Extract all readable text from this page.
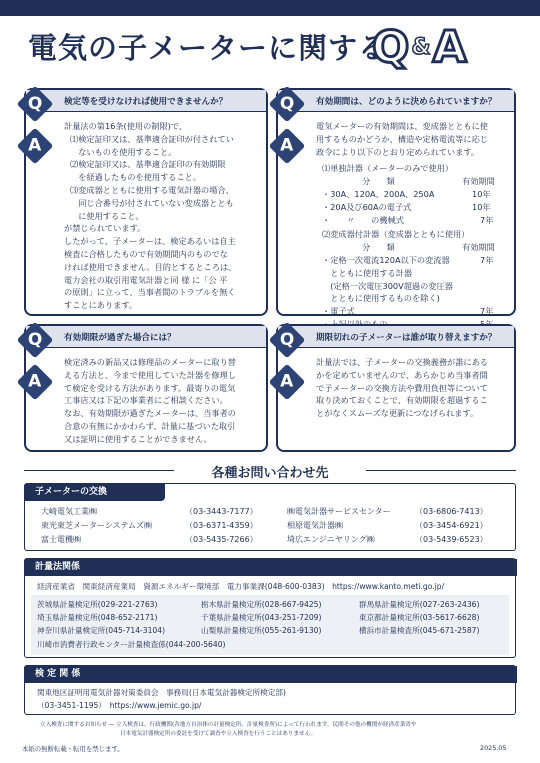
電気の子メーターに関する
Q&A
検定等を受けなければ使用できませんか？
計量法の第16条(使用の制限)で、
⑴検定証印又は、基準適合証印が付されてい
　ないものを使用すること。
⑵検定証印又は、基準適合証印の有効期限
　を経過したものを使用すること。
⑶変成器とともに使用する電気計器の場合、
　同じ合番号が付されていない変成器ととも
　に使用すること。
が禁じられています。
したがって、子メーターは、検定あるいは自主
検査に合格したもので有効期間内のものでな
ければ使用できません。目的とするところは、
電力会社の取引用電気計器と同 様 に「公 平
の原則」に立って、当事者間のトラブルを無く
すことにあります。
Q
A
有効期間は、どのように決められていますか？
電気メーターの有効期間は、変成器とともに使
用するものかどうか、構造や定格電流等に応じ
政令により以下のとおり定められています。
⑴単独計器（メーターのみで使用）
分　　類	有効期間
・30A、120A、200A、250A	10年
・20A及び60Aの電子式	10年
・　　〃　　の機械式	7年
⑵変成器付計器（変成器とともに使用）
分　　類	有効期間
・定格一次電流120A以下の変流器	7年
　とともに使用する計器
　(定格一次電圧300V超過の変圧器
　とともに使用するものを除く)
・電子式	7年
Q
A
有効期限が過ぎた場合には？
検定済みの新品又は修理品のメーターに取り替
える方法と、今まで使用していた計器を修理し
て検定を受ける方法があります。最寄りの電気
工事店又は下記の事業者にご相談ください。
なお、有効期限が過ぎたメーターは、当事者の
合意の有無にかかわらず、計量に基づいた取引
又は証明に使用することができません。
Q
A
期限切れの子メーターは誰が取り替えますか？
計量法では、子メーターの交換義務が誰にある
かを定めていませんので、あらかじめ当事者間
で子メーターの交換方法や費用負担等について
取り決めておくことで、有効期限を超過するこ
とがなくスムーズな更新につなげられます。
Q
A
各種お問い合わせ先
子メーターの交換
大崎電気工業㈱	（03-3443-7177）	㈱電気計器サービスセンター	（03-6806-7413）
東光東芝メーターシステムズ㈱	（03-6371-4359）	相原電気計器㈱	（03-3454-6921）
富士電機㈱	（03-5435-7266）	埼広エンジニヤリング㈱	（03-5439-6523）
計量法関係
経済産業省　関東経済産業局　資源エネルギー環境部　電力事業課(048-600-0383)　https://www.kanto.meti.go.jp/
茨城県計量検定所(029-221-2763)	栃木県計量検定所(028-667-9425)	群馬県計量検定所(027-263-2436)
埼玉県計量検定所(048-652-2171)	千葉県計量検定所(043-251-7209)	東京都計量検定所(03-5617-6628)
神奈川県計量検定所(045-714-3104)	山梨県計量検定所(055-261-9130)	横浜市計量検査所(045-671-2587)
川崎市消費者行政センター計量検査係(044-200-5640)
検 定 関 係
関東地区証明用電気計器対策委員会　事務局(日本電気計器検定所検定部)
（03-3451-1195）　https://www.jemic.go.jp/
立入検査に関するお知らせ ― 立入検査は、行政機関(各地方自治体の計量検定所、計量検査所)によって行われます。民間その他の機関が経済産業省や
日本電気計器検定所の委託を受けて調査や立入検査を行うことはありません。
本紙の無断転載・転用を禁じます。	2025.05
